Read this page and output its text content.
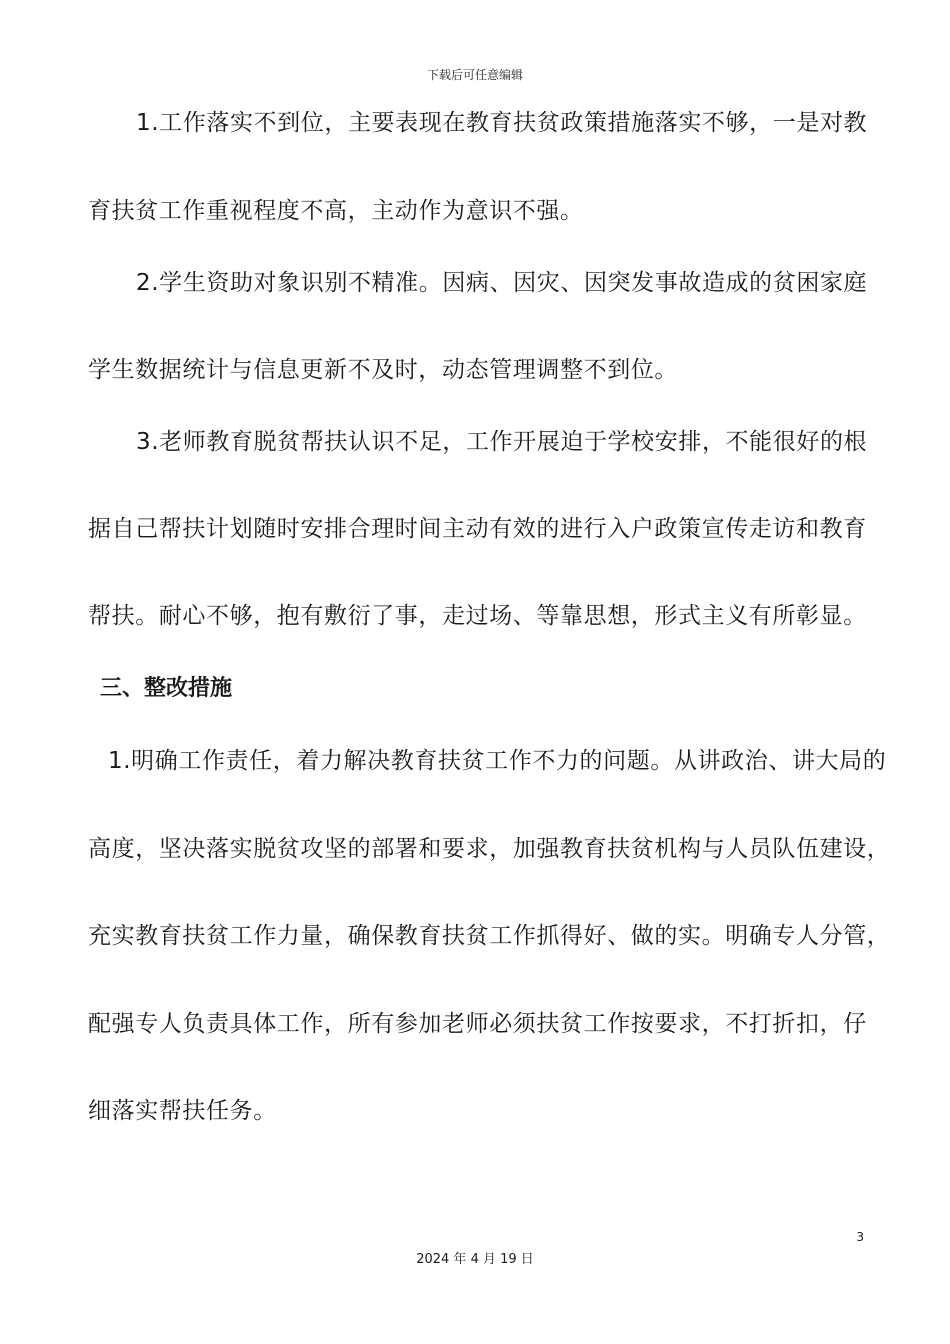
下载后可任意编辑
1.工作落实不到位，主要表现在教育扶贫政策措施落实不够，一是对教
育扶贫工作重视程度不高，主动作为意识不强。
2.学生资助对象识别不精准。因病、因灾、因突发事故造成的贫困家庭
学生数据统计与信息更新不及时，动态管理调整不到位。
3.老师教育脱贫帮扶认识不足，工作开展迫于学校安排，不能很好的根
据自己帮扶计划随时安排合理时间主动有效的进行入户政策宣传走访和教育
帮扶。耐心不够，抱有敷衍了事，走过场、等靠思想，形式主义有所彰显。
三、整改措施
1.明确工作责任，着力解决教育扶贫工作不力的问题。从讲政治、讲大局的
高度，坚决落实脱贫攻坚的部署和要求，加强教育扶贫机构与人员队伍建设，
充实教育扶贫工作力量，确保教育扶贫工作抓得好、做的实。明确专人分管，
配强专人负责具体工作，所有参加老师必须扶贫工作按要求，不打折扣，仔
细落实帮扶任务。
3
2024 年 4 月 19 日
